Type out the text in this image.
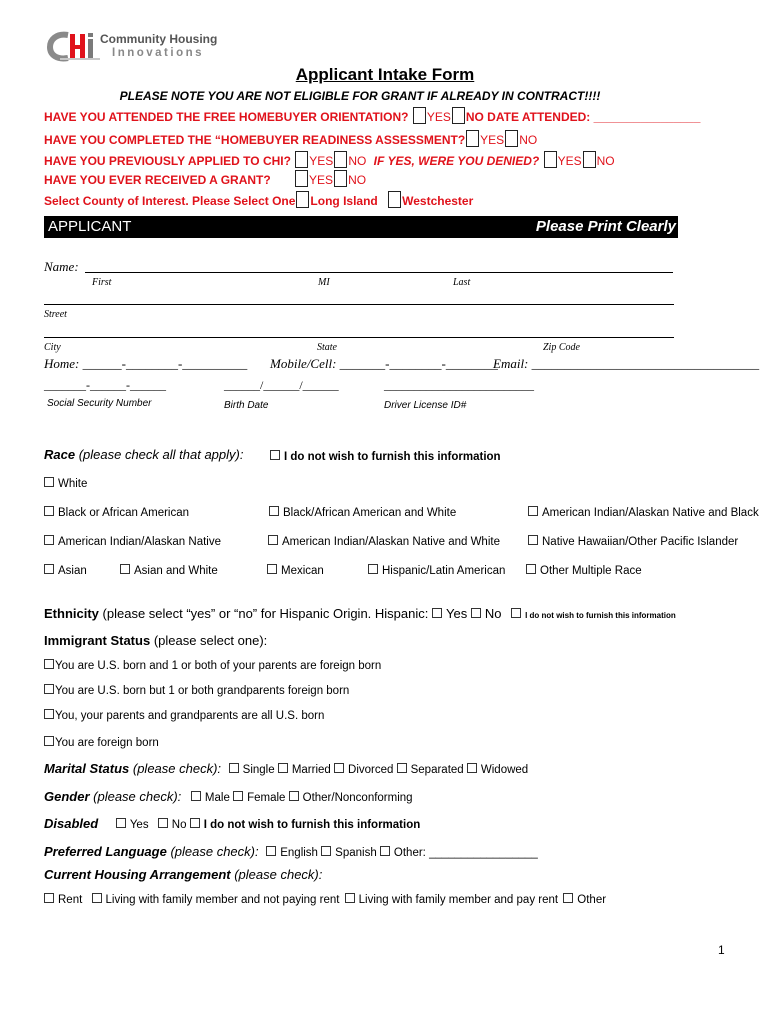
Community Housing
Innovations
Applicant Intake Form
PLEASE NOTE YOU ARE NOT ELIGIBLE FOR GRANT IF ALREADY IN CONTRACT!!!!
HAVE YOU ATTENDED THE FREE HOMEBUYER ORIENTATION? YES NO DATE ATTENDED: ________________
HAVE YOU COMPLETED THE “HOMEBUYER READINESS ASSESSMENT? YES NO
HAVE YOU PREVIOUSLY APPLIED TO CHI? YES NO IF YES, WERE YOU DENIED? YES NO
HAVE YOU EVER RECEIVED A GRANT?	YES NO
Select County of Interest. Please Select One Long Island Westchester
APPLICANT	Please Print Clearly
Name:
First	MI	Last
Street
City	State	Zip Code
Home: ______-________-__________ Mobile/Cell: _______-________-________
Email: ___________________________________
_______-______-______	______/______/______	_________________________
Social Security Number	Birth Date	Driver License ID#
Race (please check all that apply):	I do not wish to furnish this information
White
Black or African American	Black/African American and White	American Indian/Alaskan Native and Black
American Indian/Alaskan Native	American Indian/Alaskan Native and White	Native Hawaiian/Other Pacific Islander
Asian	Asian and White	Mexican	Hispanic/Latin American	Other Multiple Race
Ethnicity (please select “yes” or “no” for Hispanic Origin. Hispanic: Yes No	I do not wish to furnish this information
Immigrant Status (please select one):
You are U.S. born and 1 or both of your parents are foreign born
You are U.S. born but 1 or both grandparents foreign born
You, your parents and grandparents are all U.S. born
You are foreign born
Marital Status (please check): Single Married Divorced Separated Widowed
Gender (please check): Male Female Other/Nonconforming
Disabled	Yes No I do not wish to furnish this information
Preferred Language (please check): English Spanish Other: _________________
Current Housing Arrangement (please check):
Rent Living with family member and not paying rent Living with family member and pay rent Other
1
